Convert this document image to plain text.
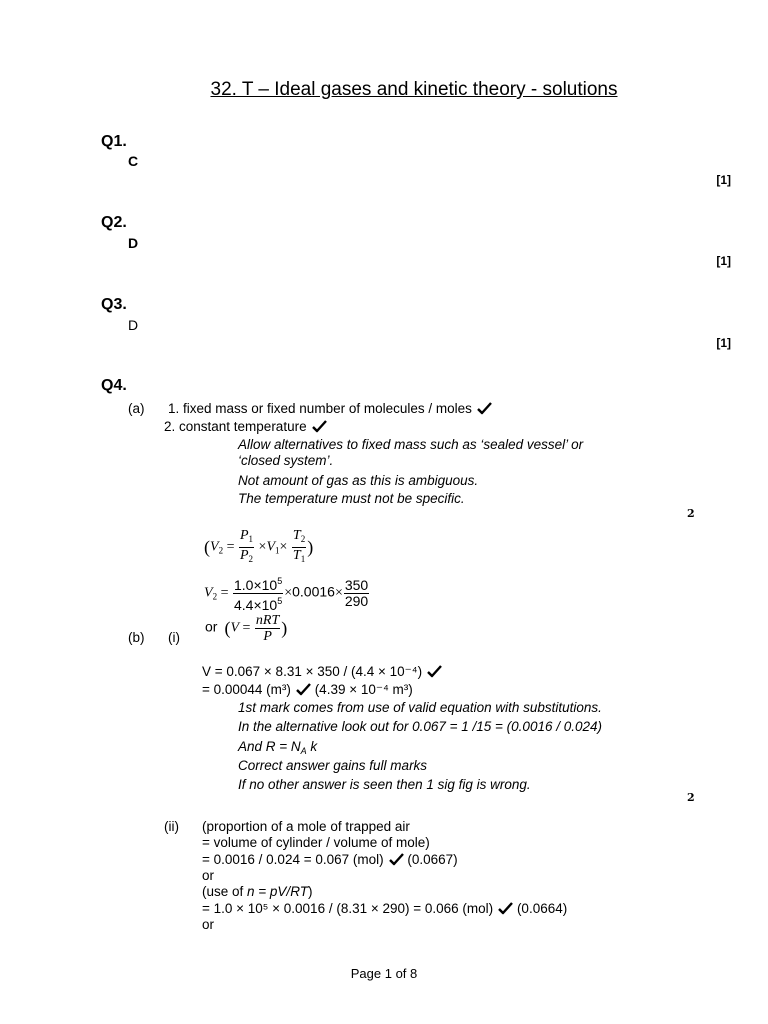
32. T – Ideal gases and kinetic theory - solutions
Q1.
C
[1]
Q2.
D
[1]
Q3.
D
[1]
Q4.
(a) 1. fixed mass or fixed number of molecules / moles
2. constant temperature
Allow alternatives to fixed mass such as ‘sealed vessel’ or
‘closed system’.
Not amount of gas as this is ambiguous.
The temperature must not be specific.
2
($V_2 = \frac{P_1}{P_2} \times V_1\times \frac{T_2}{T_1}$ )
$V_2 = \frac{1.0\times 10^5}{4.4\times 10^5} \times 0.0016\times \frac{350}{290}$
(b) (i)
or ($V = \frac{\text{nRT}}{P}$ )
V = 0.067 × 8.31 × 350 / (4.4 × 10⁻⁴)
= 0.00044 (m³) (4.39 × 10⁻⁴ m³)
1st mark comes from use of valid equation with substitutions.
In the alternative look out for 0.067 = 1 /15 = (0.0016 / 0.024)
And $R = N_A$ k
Correct answer gains full marks
If no other answer is seen then 1 sig fig is wrong.
2
(ii) (proportion of a mole of trapped air
= volume of cylinder / volume of mole)
= 0.0016 / 0.024 = 0.067 (mol) (0.0667)
or
(use of n = pV/RT)
= 1.0 × 10⁵ × 0.0016 / (8.31 × 290) = 0.066 (mol) (0.0664)
or
Page 1 of 8
